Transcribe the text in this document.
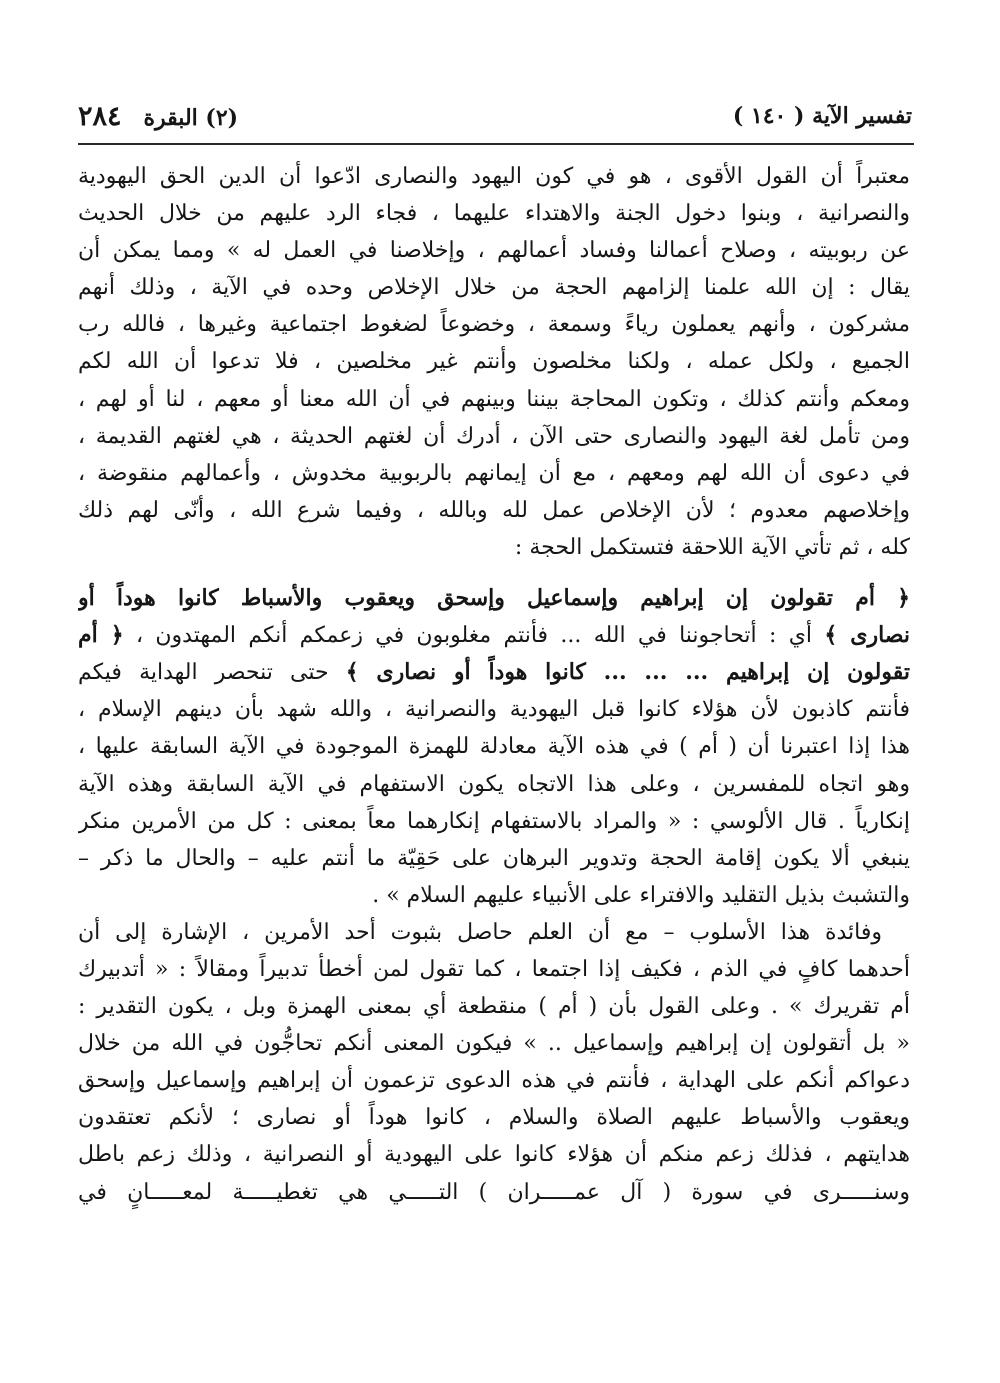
٢٨٤ (٢) البقرة	تفسير الآية ( ١٤٠ )
معتبراً أن القول الأقوى ، هو في كون اليهود والنصارى ادّعوا أن الدين الحق اليهودية
والنصرانية ، وبنوا دخول الجنة والاهتداء عليهما ، فجاء الرد عليهم من خلال الحديث
عن ربوبيته ، وصلاح أعمالنا وفساد أعمالهم ، وإخلاصنا في العمل له » ومما يمكن أن
يقال : إن الله علمنا إلزامهم الحجة من خلال الإخلاص وحده في الآية ، وذلك أنهم
مشركون ، وأنهم يعملون رياءً وسمعة ، وخضوعاً لضغوط اجتماعية وغيرها ، فالله رب
الجميع ، ولكل عمله ، ولكنا مخلصون وأنتم غير مخلصين ، فلا تدعوا أن الله لكم
ومعكم وأنتم كذلك ، وتكون المحاجة بيننا وبينهم في أن الله معنا أو معهم ، لنا أو لهم ،
ومن تأمل لغة اليهود والنصارى حتى الآن ، أدرك أن لغتهم الحديثة ، هي لغتهم القديمة ،
في دعوى أن الله لهم ومعهم ، مع أن إيمانهم بالربوبية مخدوش ، وأعمالهم منقوضة ،
وإخلاصهم معدوم ؛ لأن الإخلاص عمل لله وبالله ، وفيما شرع الله ، وأنّى لهم ذلك
كله ، ثم تأتي الآية اللاحقة فتستكمل الحجة :
﴿ أم تقولون إن إبراهيم وإسماعيل وإسحق ويعقوب والأسباط كانوا هوداً أو
نصارى ﴾ أي : أتحاجوننا في الله ... فأنتم مغلوبون في زعمكم أنكم المهتدون ، ﴿ أم
تقولون إن إبراهيم ... ... ... كانوا هوداً أو نصارى ﴾ حتى تنحصر الهداية فيكم
فأنتم كاذبون لأن هؤلاء كانوا قبل اليهودية والنصرانية ، والله شهد بأن دينهم الإسلام ،
هذا إذا اعتبرنا أن ( أم ) في هذه الآية معادلة للهمزة الموجودة في الآية السابقة عليها ،
وهو اتجاه للمفسرين ، وعلى هذا الاتجاه يكون الاستفهام في الآية السابقة وهذه الآية
إنكارياً . قال الألوسي : « والمراد بالاستفهام إنكارهما معاً بمعنى : كل من الأمرين منكر
ينبغي ألا يكون إقامة الحجة وتدوير البرهان على حَقِيّة ما أنتم عليه – والحال ما ذكر –
والتشبث بذيل التقليد والافتراء على الأنبياء عليهم السلام » .
وفائدة هذا الأسلوب – مع أن العلم حاصل بثبوت أحد الأمرين ، الإشارة إلى أن
أحدهما كافٍ في الذم ، فكيف إذا اجتمعا ، كما تقول لمن أخطأ تدبيراً ومقالاً : « أتدبيرك
أم تقريرك » . وعلى القول بأن ( أم ) منقطعة أي بمعنى الهمزة وبل ، يكون التقدير :
« بل أتقولون إن إبراهيم وإسماعيل .. » فيكون المعنى أنكم تحاجُّون في الله من خلال
دعواكم أنكم على الهداية ، فأنتم في هذه الدعوى تزعمون أن إبراهيم وإسماعيل وإسحق
ويعقوب والأسباط عليهم الصلاة والسلام ، كانوا هوداً أو نصارى ؛ لأنكم تعتقدون
هدايتهم ، فذلك زعم منكم أن هؤلاء كانوا على اليهودية أو النصرانية ، وذلك زعم باطل
وسنـــــرى في سورة ( آل عمـــــران ) التـــــي هي تغطيـــــة لمعـــــانٍ في
